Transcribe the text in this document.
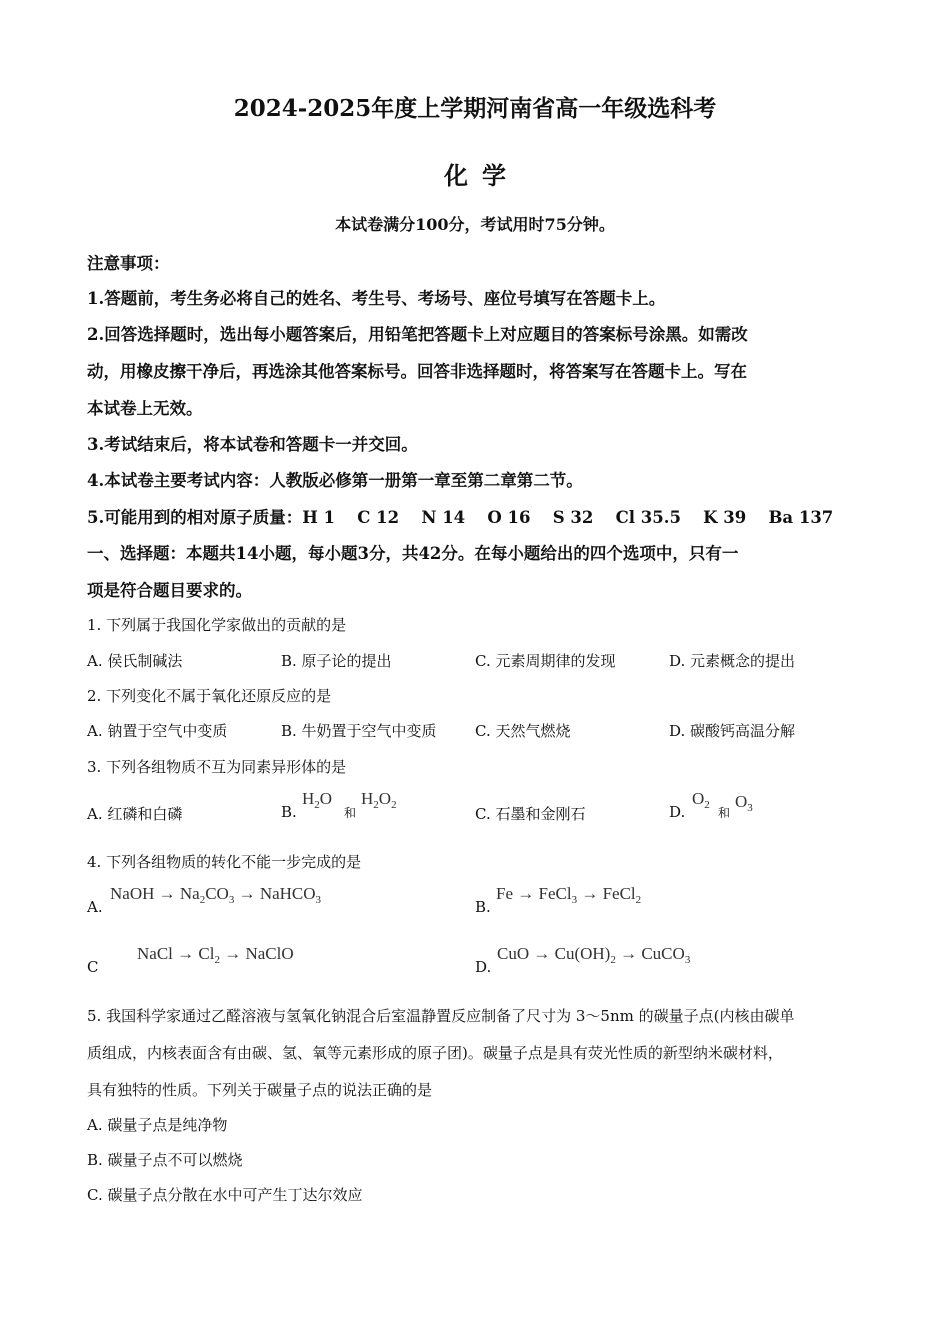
2024-2025年度上学期河南省高一年级选科考
化学
本试卷满分100分，考试用时75分钟。
注意事项：
1.答题前，考生务必将自己的姓名、考生号、考场号、座位号填写在答题卡上。
2.回答选择题时，选出每小题答案后，用铅笔把答题卡上对应题目的答案标号涂黑。如需改
动，用橡皮擦干净后，再选涂其他答案标号。回答非选择题时，将答案写在答题卡上。写在
本试卷上无效。
3.考试结束后，将本试卷和答题卡一并交回。
4.本试卷主要考试内容：人教版必修第一册第一章至第二章第二节。
5.可能用到的相对原子质量：H 1　 C 12　 N 14　 O 16　 S 32　 Cl 35.5　 K 39　 Ba 137
一、选择题：本题共14小题，每小题3分，共42分。在每小题给出的四个选项中，只有一
项是符合题目要求的。
1. 下列属于我国化学家做出的贡献的是
A. 侯氏制碱法	B. 原子论的提出	C. 元素周期律的发现	D. 元素概念的提出
2. 下列变化不属于氧化还原反应的是
A. 钠置于空气中变质	B. 牛奶置于空气中变质	C. 天然气燃烧	D. 碳酸钙高温分解
3. 下列各组物质不互为同素异形体的是
A. 红磷和白磷	B.
$H_2O$
和
$H_2O_2$	C. 石墨和金刚石	D.
$O_2$
和
$O_3$
4. 下列各组物质的转化不能一步完成的是
A.
NaOH → $Na_2CO_3$ → NaHCO$_3$	B.
Fe → FeCl$_3$ → FeCl$_2$
C
NaCl → $Cl_2$ → NaClO
D.
CuO → $Cu(OH)_2$ → CuCO$_3$
5. 我国科学家通过乙醛溶液与氢氧化钠混合后室温静置反应制备了尺寸为 3～5nm 的碳量子点(内核由碳单
质组成，内核表面含有由碳、氢、氧等元素形成的原子团)。碳量子点是具有荧光性质的新型纳米碳材料，
具有独特的性质。下列关于碳量子点的说法正确的是
A. 碳量子点是纯净物
B. 碳量子点不可以燃烧
C. 碳量子点分散在水中可产生丁达尔效应
